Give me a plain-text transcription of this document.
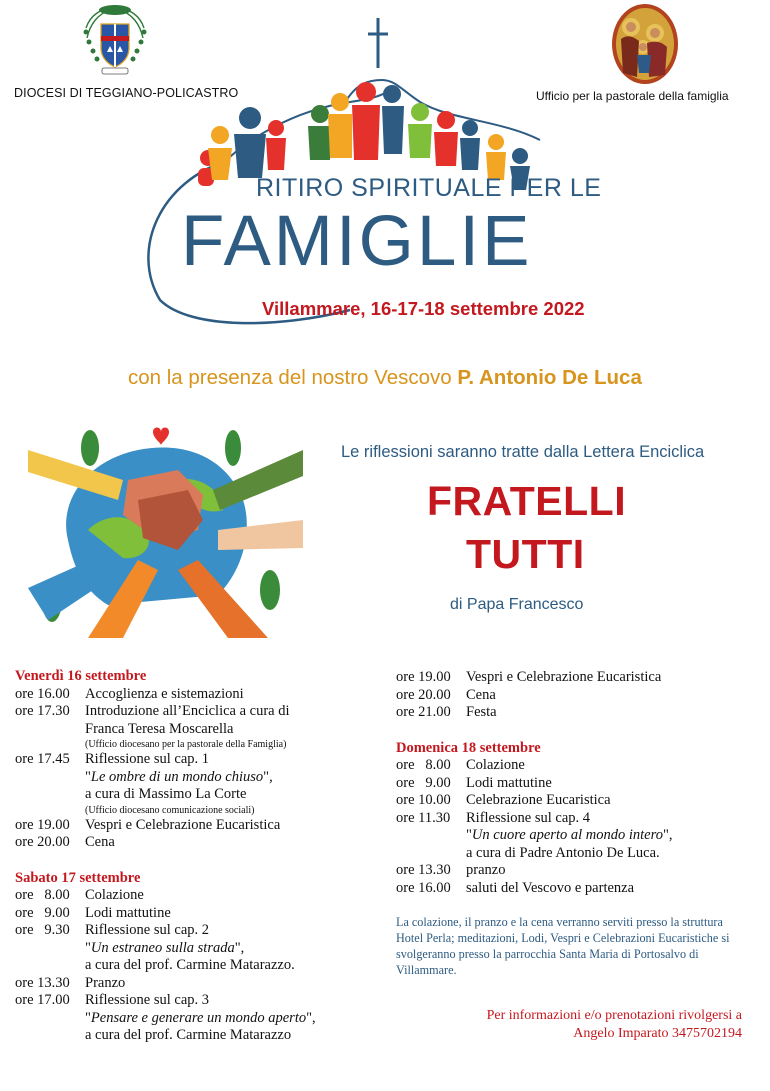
DIOCESI DI TEGGIANO-POLICASTRO	Ufficio per la pastorale della famiglia
RITIRO SPIRITUALE PER LE
FAMIGLIE
Villammare, 16-17-18 settembre 2022
con la presenza del nostro Vescovo P. Antonio De Luca
Le riflessioni saranno tratte dalla Lettera Enciclica
FRATELLI
TUTTI
di Papa Francesco
Venerdì 16 settembre
ore 16.00	Accoglienza e sistemazioni
ore 17.30	Introduzione all’Enciclica a cura di
Franca Teresa Moscarella
(Ufficio diocesano per la pastorale della Famiglia)
ore 17.45	Riflessione sul cap. 1
"Le ombre di un mondo chiuso",
a cura di Massimo La Corte
(Ufficio diocesano comunicazione sociali)
ore 19.00	Vespri e Celebrazione Eucaristica
ore 20.00	Cena
Sabato 17 settembre
ore   8.00	Colazione
ore   9.00	Lodi mattutine
ore   9.30	Riflessione sul cap. 2
"Un estraneo sulla strada",
a cura del prof. Carmine Matarazzo.
ore 13.30	Pranzo
ore 17.00	Riflessione sul cap. 3
"Pensare e generare un mondo aperto",
a cura del prof. Carmine Matarazzo
ore 19.00	Vespri e Celebrazione Eucaristica
ore 20.00	Cena
ore 21.00	Festa
Domenica 18 settembre
ore   8.00	Colazione
ore   9.00	Lodi mattutine
ore 10.00	Celebrazione Eucaristica
ore 11.30	Riflessione sul cap. 4
"Un cuore aperto al mondo intero",
a cura di Padre Antonio De Luca.
ore 13.30	pranzo
ore 16.00	saluti del Vescovo e partenza
La colazione, il pranzo e la cena verranno serviti presso la struttura Hotel Perla; meditazioni, Lodi, Vespri e Celebrazioni Eucaristiche si svolgeranno presso la parrocchia Santa Maria di Portosalvo di Villammare.
Per informazioni e/o prenotazioni rivolgersi a
Angelo Imparato 3475702194
